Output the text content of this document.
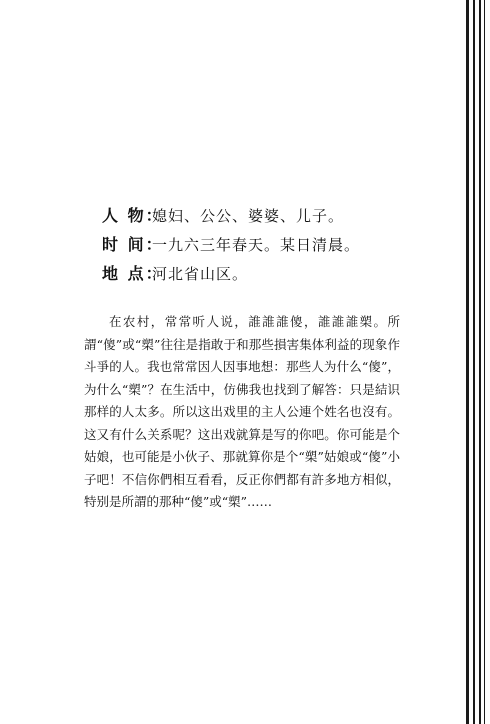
人 物：
媳妇、公公、婆婆、儿子。
时 间：
一九六三年春天。某日清晨。
地 点：
河北省山区。

在农村，常常听人说，誰誰誰傻，誰誰誰槊。所謂“傻”或“槊”往往是指敢于和那些損害集体利益的现象作斗爭的人。我也常常因人因事地想：那些人为什么“傻”，为什么“槊”？在生活中，仿佛我也找到了解答：只是結识那样的人太多。所以这出戏里的主人公連个姓名也沒有。这又有什么关系呢？这出戏就算是写的你吧。你可能是个姑娘，也可能是小伙子、那就算你是个“槊”姑娘或“傻”小子吧！不信你們相互看看，反正你們都有許多地方相似，特别是所謂的那种“傻”或“槊”……
